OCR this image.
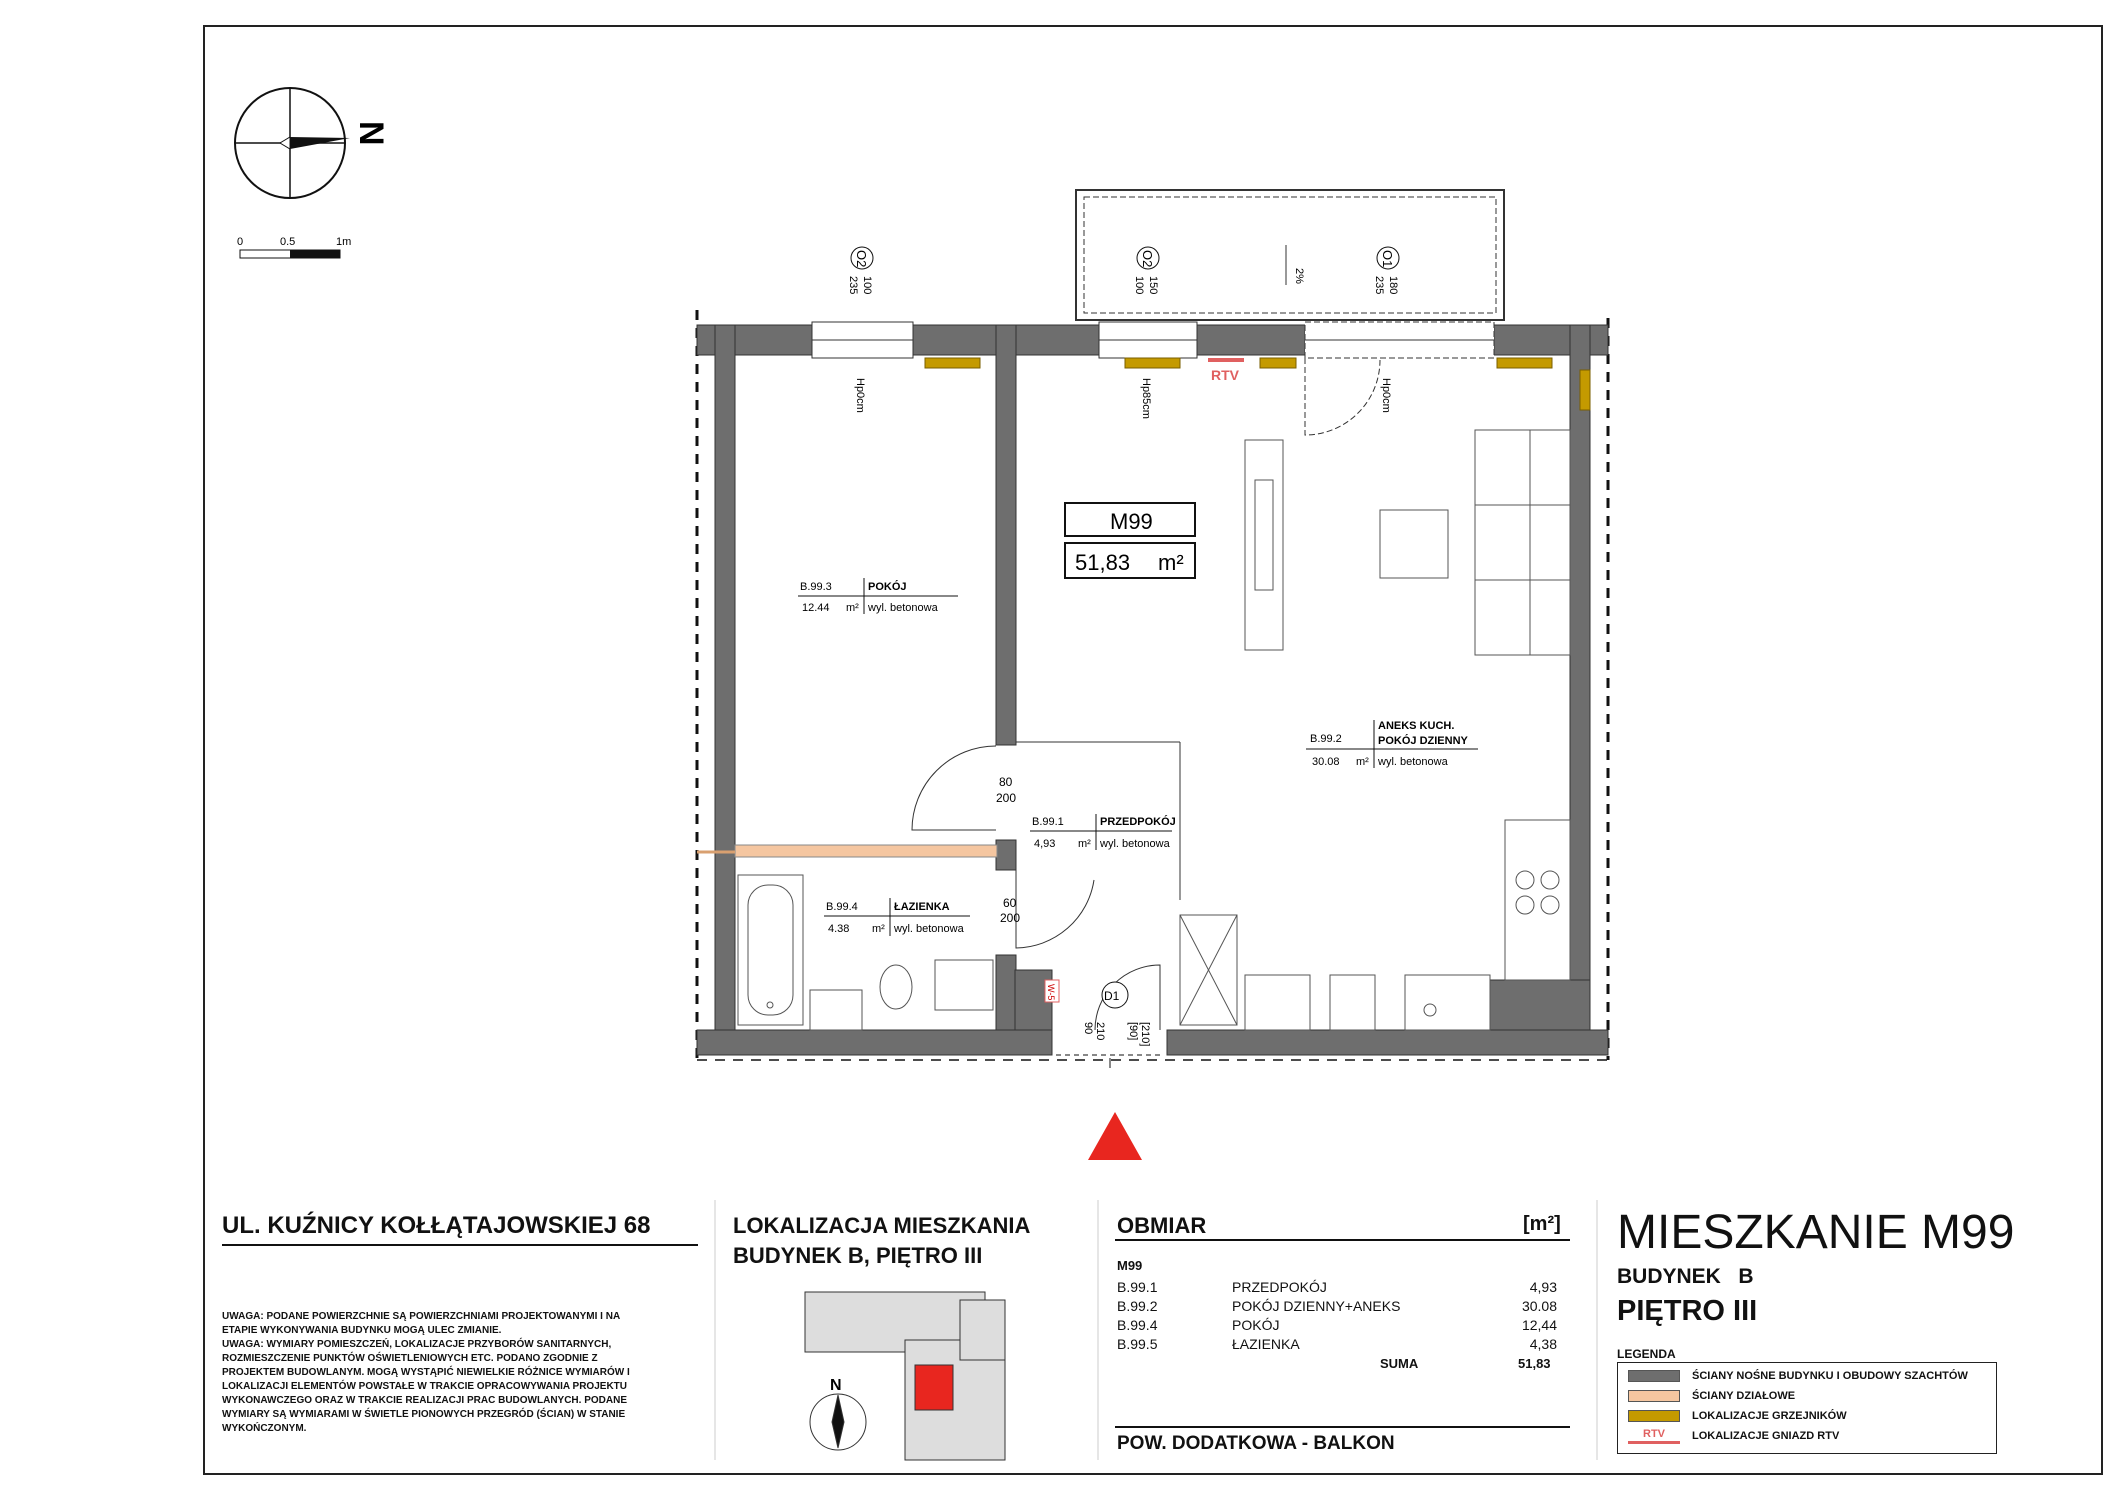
N
0	0.5	1m
2%
O2
100
235
Hp0cm
O2
150
100
Hp85cm
O1
180
235
Hp0cm
RTV
80
200
60
200
D1
90 210 [90] [210]
W-5
M99
51,83 m²
B.99.3	POKÓJ
12.44 m² wyl. betonowa
B.99.2
ANEKS KUCH.
POKÓJ DZIENNY
30.08 m² wyl. betonowa
B.99.1	PRZEDPOKÓJ
4,93 m² wyl. betonowa
B.99.4	ŁAZIENKA
4.38 m² wyl. betonowa
N
UL. KUŹNICY KOŁŁĄTAJOWSKIEJ 68
UWAGA: PODANE POWIERZCHNIE SĄ POWIERZCHNIAMI PROJEKTOWANYMI I NA
ETAPIE WYKONYWANIA BUDYNKU MOGĄ ULEC ZMIANIE.
UWAGA: WYMIARY POMIESZCZEŃ, LOKALIZACJE PRZYBORÓW SANITARNYCH,
ROZMIESZCZENIE PUNKTÓW OŚWIETLENIOWYCH ETC. PODANO ZGODNIE Z
PROJEKTEM BUDOWLANYM. MOGĄ WYSTĄPIĆ NIEWIELKIE RÓŻNICE WYMIARÓW I
LOKALIZACJI ELEMENTÓW POWSTAŁE W TRAKCIE OPRACOWYWANIA PROJEKTU
WYKONAWCZEGO ORAZ W TRAKCIE REALIZACJI PRAC BUDOWLANYCH. PODANE
WYMIARY SĄ WYMIARAMI W ŚWIETLE PIONOWYCH PRZEGRÓD (ŚCIAN) W STANIE
WYKOŃCZONYM.
LOKALIZACJA MIESZKANIA
BUDYNEK B, PIĘTRO III
OBMIAR	[m²]
M99
B.99.1	PRZEDPOKÓJ	4,93
B.99.2	POKÓJ DZIENNY+ANEKS	30.08
B.99.4	POKÓJ	12,44
B.99.5	ŁAZIENKA	4,38
SUMA	51,83
POW. DODATKOWA - BALKON
MIESZKANIE M99
BUDYNEK   B
PIĘTRO III
LEGENDA
ŚCIANY NOŚNE BUDYNKU I OBUDOWY SZACHTÓW
ŚCIANY DZIAŁOWE
LOKALIZACJE GRZEJNIKÓW
RTV	LOKALIZACJE GNIAZD RTV
